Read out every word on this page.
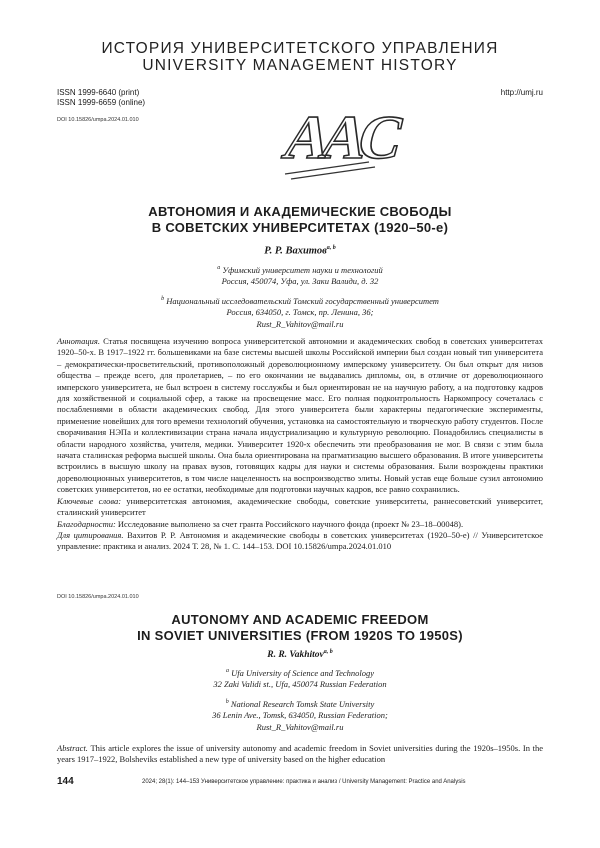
ИСТОРИЯ УНИВЕРСИТЕТСКОГО УПРАВЛЕНИЯ
UNIVERSITY MANAGEMENT HISTORY
ISSN 1999-6640 (print)
ISSN 1999-6659 (online)
DOI 10.15826/umpa.2024.01.010
http://umj.ru
AAC
АВТОНОМИЯ И АКАДЕМИЧЕСКИЕ СВОБОДЫ
В СОВЕТСКИХ УНИВЕРСИТЕТАХ (1920–50-е)
Р. Р. Вахитовa, b
a Уфимский университет науки и технологий
Россия, 450074, Уфа, ул. Заки Валиди, д. 32
b Национальный исследовательский Томский государственный университет
Россия, 634050, г. Томск, пр. Ленина, 36;
Rust_R_Vahitov@mail.ru

Аннотация. Статья посвящена изучению вопроса университетской автономии и академических свобод в советских университетах 1920–50-х. В 1917–1922 гг. большевиками на базе системы высшей школы Российской империи был создан новый тип университета – демократически-просветительский, противоположный дореволюционному имперскому университету. Он был открыт для низов общества – прежде всего, для пролетариев, – по его окончании не выдавались дипломы, он, в отличие от дореволюционного имперского университета, не был встроен в систему госслужбы и был ориентирован не на научную работу, а на подготовку кадров для хозяйственной и социальной сфер, а также на просвещение масс. Его полная подконтрольность Наркомпросу сочеталась с послаблениями в области академических свобод. Для этого университета были характерны педагогические эксперименты, применение новейших для того времени технологий обучения, установка на самостоятельную и творческую работу студентов. После сворачивания НЭПа и коллективизации страна начала индустриализацию и культурную революцию. Понадобились специалисты в области народного хозяйства, учителя, медики. Университет 1920-х обеспечить эти преобразования не мог. В связи с этим была начата сталинская реформа высшей школы. Она была ориентирована на прагматизацию высшего образования. В итоге университеты встроились в высшую школу на правах вузов, готовящих кадры для науки и системы образования. Были возрождены практики дореволюционных университетов, в том числе нацеленность на воспроизводство элиты. Новый устав еще больше сузил автономию советских университетов, но ее остатки, необходимые для подготовки научных кадров, все равно сохранились.

Ключевые слова: университетская автономия, академические свободы, советские университеты, раннесоветский университет, сталинский университет

Благодарности: Исследование выполнено за счет гранта Российского научного фонда (проект № 23–18–00048).

Для цитирования. Вахитов Р. Р. Автономия и академические свободы в советских университетах (1920–50-е) // Университетское управление: практика и анализ. 2024 Т. 28, № 1. С. 144–153. DOI 10.15826/umpa.2024.01.010

DOI 10.15826/umpa.2024.01.010
AUTONOMY AND ACADEMIC FREEDOM
IN SOVIET UNIVERSITIES (FROM 1920S TO 1950S)
R. R. Vakhitova, b
a Ufa University of Science and Technology
32 Zaki Validi st., Ufa, 450074 Russian Federation
b National Research Tomsk State University
36 Lenin Ave., Tomsk, 634050, Russian Federation;
Rust_R_Vahitov@mail.ru
Abstract. This article explores the issue of university autonomy and academic freedom in Soviet universities during the 1920s–1950s. In the years 1917–1922, Bolsheviks established a new type of university based on the higher education
144	2024; 28(1): 144–153 Университетское управление: практика и анализ / University Management: Practice and Analysis
